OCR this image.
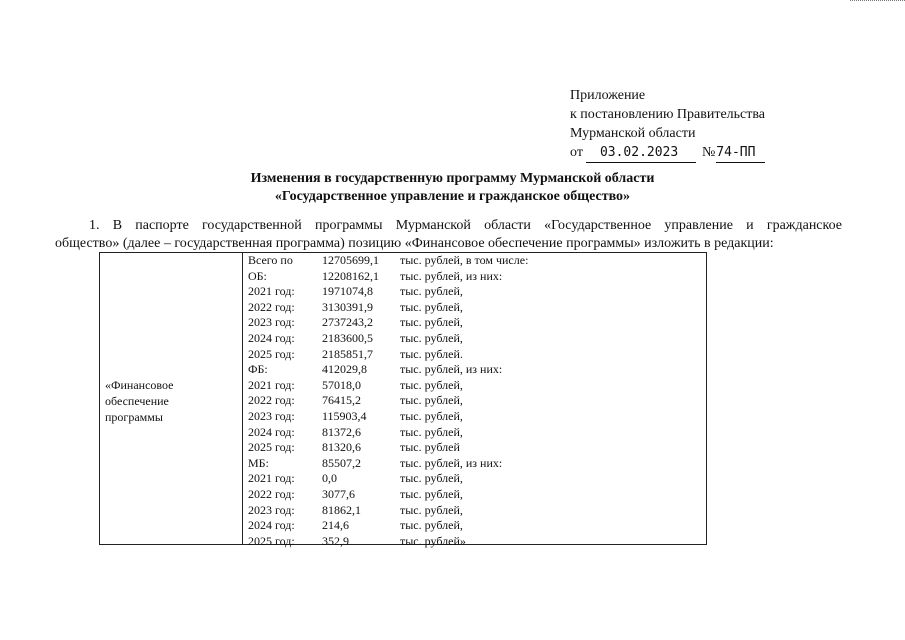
Приложение
к постановлению Правительства
Мурманской области
от	03.02.2023	№ 74-ПП
Изменения в государственную программу Мурманской области
«Государственное управление и гражданское общество»
1. В паспорте государственной программы Мурманской области «Государственное управление и гражданское
общество» (далее – государственная программа) позицию «Финансовое обеспечение программы» изложить в редакции:
«Финансовое
обеспечение
программы
Всего по 12705699,1 тыс. рублей, в том числе:
ОБ:	12208162,1 тыс. рублей, из них:
2021 год: 1971074,8 тыс. рублей,
2022 год: 3130391,9 тыс. рублей,
2023 год: 2737243,2 тыс. рублей,
2024 год: 2183600,5 тыс. рублей,
2025 год: 2185851,7 тыс. рублей.
ФБ:	412029,8	тыс. рублей, из них:
2021 год: 57018,0	тыс. рублей,
2022 год: 76415,2	тыс. рублей,
2023 год: 115903,4	тыс. рублей,
2024 год: 81372,6	тыс. рублей,
2025 год: 81320,6	тыс. рублей
МБ:	85507,2	тыс. рублей, из них:
2021 год: 0,0	тыс. рублей,
2022 год: 3077,6	тыс. рублей,
2023 год: 81862,1	тыс. рублей,
2024 год: 214,6	тыс. рублей,
2025 год: 352,9	тыс. рублей»
